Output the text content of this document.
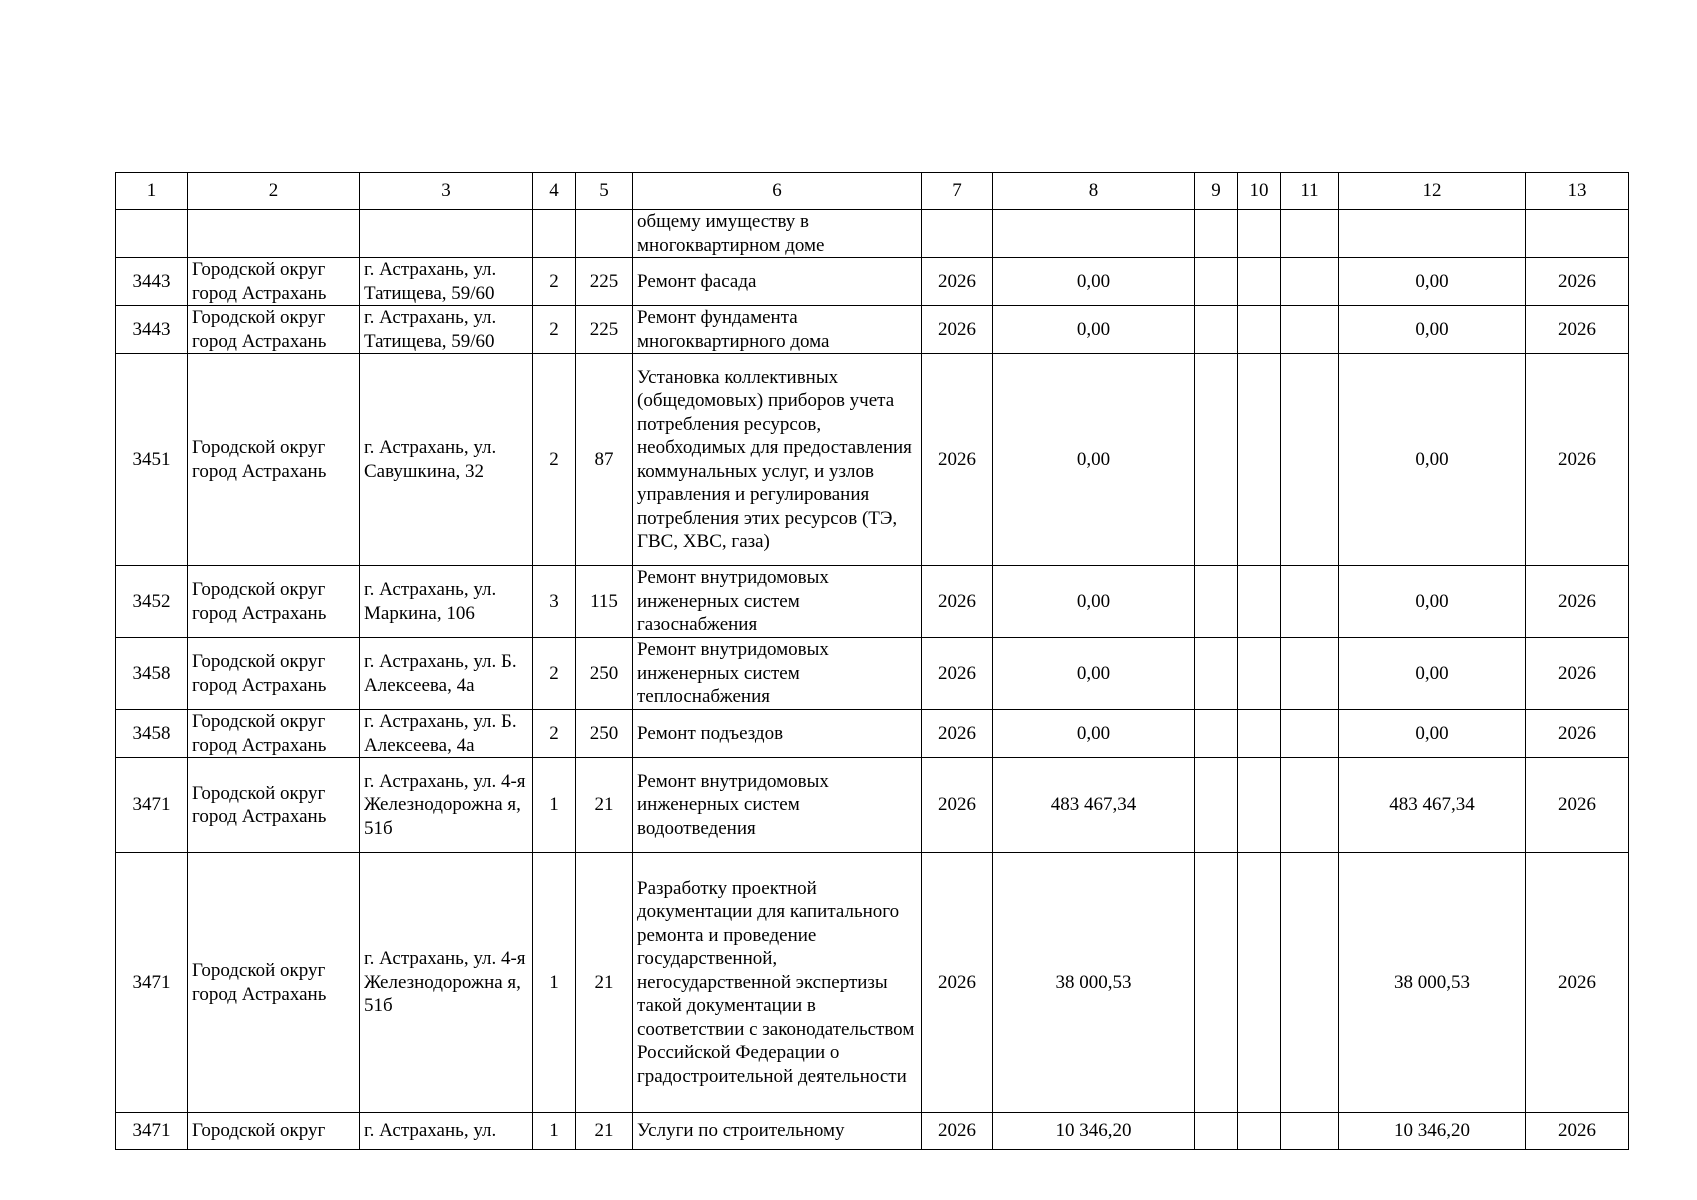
1	2	3	4	5	6	7	8	9	10	11	12	13
					общему имуществу в многоквартирном доме							
3443	Городской округ город Астрахань	г. Астрахань, ул. Татищева, 59/60	2	225	Ремонт фасада	2026	0,00				0,00	2026
3443	Городской округ город Астрахань	г. Астрахань, ул. Татищева, 59/60	2	225	Ремонт фундамента многоквартирного дома	2026	0,00				0,00	2026
3451	Городской округ город Астрахань	г. Астрахань, ул. Савушкина, 32	2	87	Установка коллективных (общедомовых) приборов учета потребления ресурсов, необходимых для предоставления коммунальных услуг, и узлов управления и регулирования потребления этих ресурсов (ТЭ, ГВС, ХВС, газа)	2026	0,00				0,00	2026
3452	Городской округ город Астрахань	г. Астрахань, ул. Маркина, 106	3	115	Ремонт внутридомовых инженерных систем газоснабжения	2026	0,00				0,00	2026
3458	Городской округ город Астрахань	г. Астрахань, ул. Б. Алексеева, 4а	2	250	Ремонт внутридомовых инженерных систем теплоснабжения	2026	0,00				0,00	2026
3458	Городской округ город Астрахань	г. Астрахань, ул. Б. Алексеева, 4а	2	250	Ремонт подъездов	2026	0,00				0,00	2026
3471	Городской округ город Астрахань	г. Астрахань, ул. 4-я Железнодорожна я, 51б	1	21	Ремонт внутридомовых инженерных систем водоотведения	2026	483 467,34				483 467,34	2026
3471	Городской округ город Астрахань	г. Астрахань, ул. 4-я Железнодорожна я, 51б	1	21	Разработку проектной документации для капитального ремонта и проведение государственной, негосударственной экспертизы такой документации в соответствии с законодательством Российской Федерации о градостроительной деятельности	2026	38 000,53				38 000,53	2026
3471	Городской округ	г. Астрахань, ул.	1	21	Услуги по строительному	2026	10 346,20				10 346,20	2026
